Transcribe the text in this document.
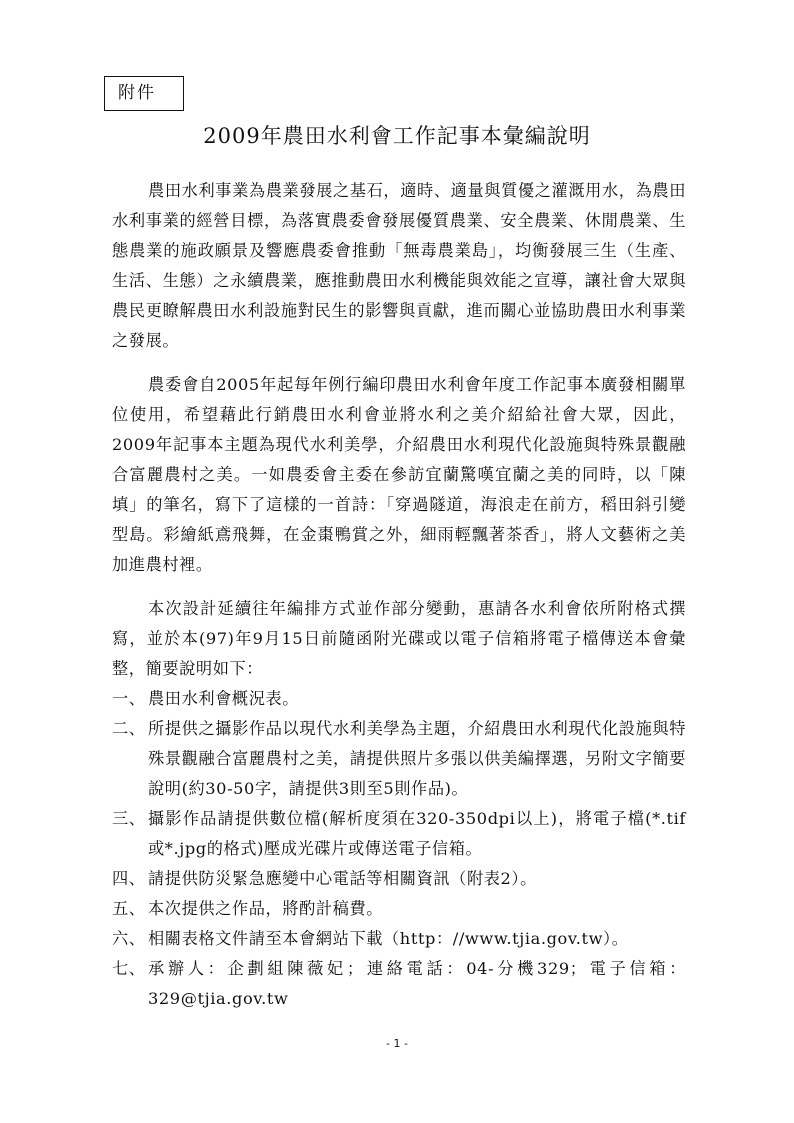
附件
2009年農田水利會工作記事本彙編說明

農田水利事業為農業發展之基石，適時、適量與質優之灌溉用水，為農田水利事業的經營目標，為落實農委會發展優質農業、安全農業、休閒農業、生態農業的施政願景及響應農委會推動「無毒農業島」，均衡發展三生（生產、生活、生態）之永續農業，應推動農田水利機能與效能之宣導，讓社會大眾與農民更瞭解農田水利設施對民生的影響與貢獻，進而關心並協助農田水利事業之發展。

農委會自2005年起每年例行編印農田水利會年度工作記事本廣發相關單位使用，希望藉此行銷農田水利會並將水利之美介紹給社會大眾，因此，2009年記事本主題為現代水利美學，介紹農田水利現代化設施與特殊景觀融合富麗農村之美。一如農委會主委在參訪宜蘭驚嘆宜蘭之美的同時，以「陳填」的筆名，寫下了這樣的一首詩：「穿過隧道，海浪走在前方，稻田斜引變型島。彩繪紙鳶飛舞，在金棗鴨賞之外，細雨輕飄著茶香」，將人文藝術之美加進農村裡。

本次設計延續往年編排方式並作部分變動，惠請各水利會依所附格式撰寫，並於本(97)年9月15日前隨函附光碟或以電子信箱將電子檔傳送本會彙整，簡要說明如下：

一、 農田水利會概況表。
二、 所提供之攝影作品以現代水利美學為主題，介紹農田水利現代化設施與特殊景觀融合富麗農村之美，請提供照片多張以供美編擇選，另附文字簡要說明(約30-50字，請提供3則至5則作品)。
三、 攝影作品請提供數位檔(解析度須在320-350dpi以上)，將電子檔(*.tif或*.jpg的格式)壓成光碟片或傳送電子信箱。
四、 請提供防災緊急應變中心電話等相關資訊（附表2）。
五、 本次提供之作品，將酌計稿費。
六、 相關表格文件請至本會網站下載（http：//www.tjia.gov.tw）。
七、 承辦人：企劃組陳薇妃；連絡電話：04-分機329；電子信箱：329@tjia.gov.tw
- 1 -
